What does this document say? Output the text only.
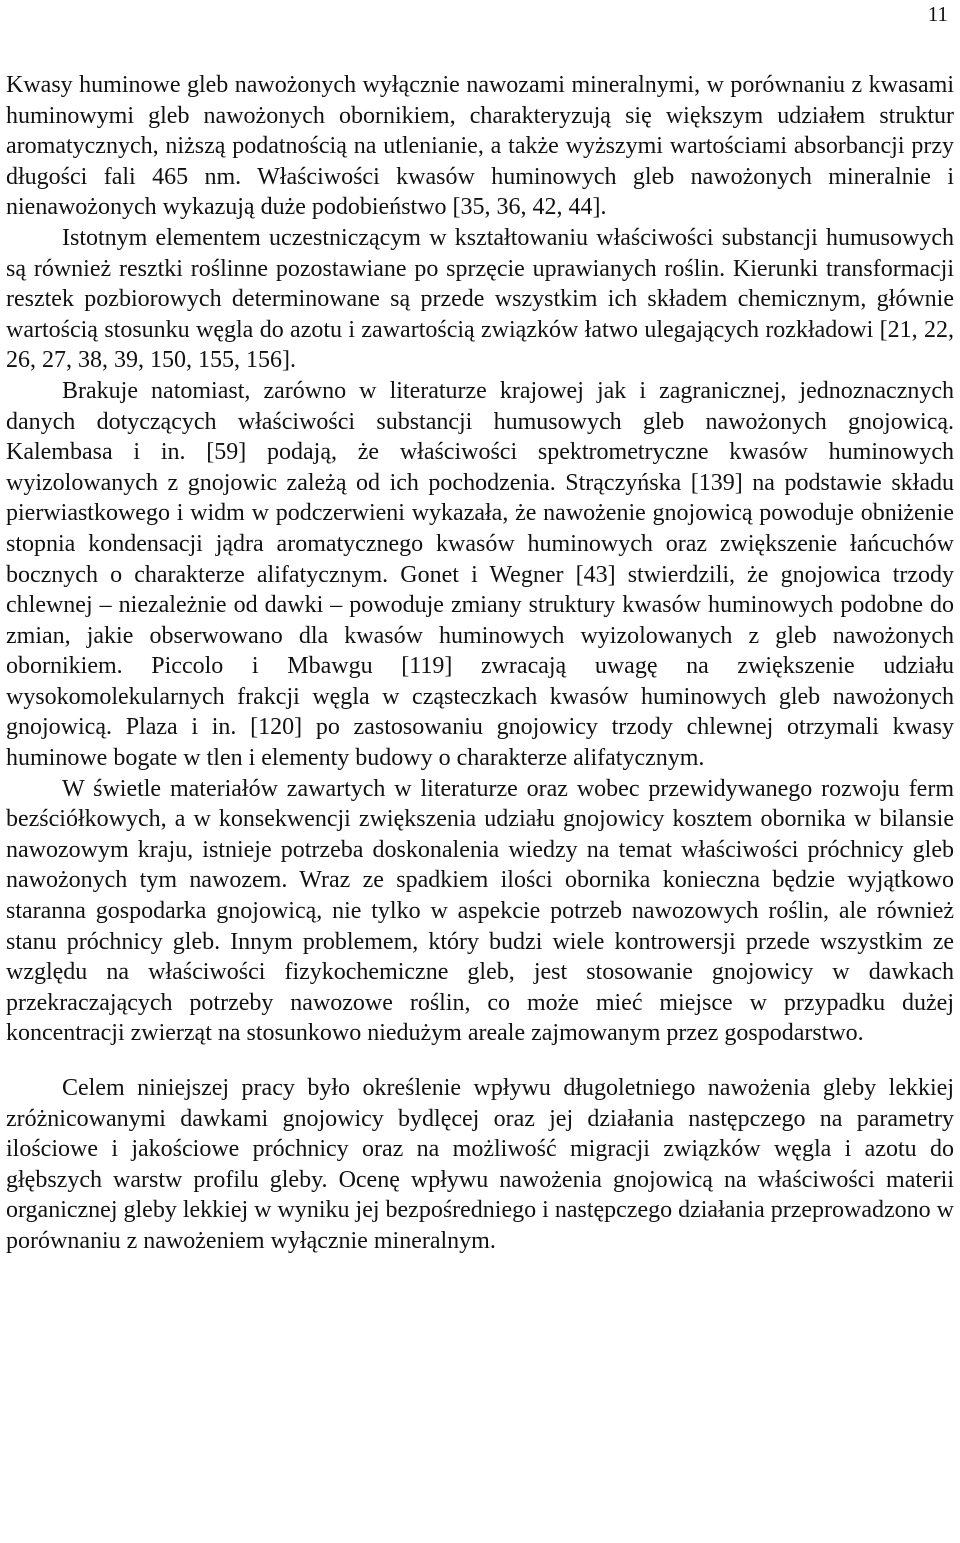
11

Kwasy huminowe gleb nawożonych wyłącznie nawozami mineralnymi, w porównaniu z kwasami huminowymi gleb nawożonych obornikiem, charakteryzują się większym udziałem struktur aromatycznych, niższą podatnością na utlenianie, a także wyższymi wartościami absorbancji przy długości fali 465 nm. Właściwości kwasów huminowych gleb nawożonych mineralnie i nienawożonych wykazują duże podobieństwo [35, 36, 42, 44].

Istotnym elementem uczestniczącym w kształtowaniu właściwości substancji humusowych są również resztki roślinne pozostawiane po sprzęcie uprawianych roślin. Kierunki transformacji resztek pozbiorowych determinowane są przede wszystkim ich składem chemicznym, głównie wartością stosunku węgla do azotu i zawartością związków łatwo ulegających rozkładowi [21, 22, 26, 27, 38, 39, 150, 155, 156].

Brakuje natomiast, zarówno w literaturze krajowej jak i zagranicznej, jednoznacznych danych dotyczących właściwości substancji humusowych gleb nawożonych gnojowicą. Kalembasa i in. [59] podają, że właściwości spektrometryczne kwasów huminowych wyizolowanych z gnojowic zależą od ich pochodzenia. Strączyńska [139] na podstawie składu pierwiastkowego i widm w podczerwieni wykazała, że nawożenie gnojowicą powoduje obniżenie stopnia kondensacji jądra aromatycznego kwasów huminowych oraz zwiększenie łańcuchów bocznych o charakterze alifatycznym. Gonet i Wegner [43] stwierdzili, że gnojowica trzody chlewnej – niezależnie od dawki – powoduje zmiany struktury kwasów huminowych podobne do zmian, jakie obserwowano dla kwasów huminowych wyizolowanych z gleb nawożonych obornikiem. Piccolo i Mbawgu [119] zwracają uwagę na zwiększenie udziału wysokomolekularnych frakcji węgla w cząsteczkach kwasów huminowych gleb nawożonych gnojowicą. Plaza i in. [120] po zastosowaniu gnojowicy trzody chlewnej otrzymali kwasy huminowe bogate w tlen i elementy budowy o charakterze alifatycznym.

W świetle materiałów zawartych w literaturze oraz wobec przewidywanego rozwoju ferm bezściółkowych, a w konsekwencji zwiększenia udziału gnojowicy kosztem obornika w bilansie nawozowym kraju, istnieje potrzeba doskonalenia wiedzy na temat właściwości próchnicy gleb nawożonych tym nawozem. Wraz ze spadkiem ilości obornika konieczna będzie wyjątkowo staranna gospodarka gnojowicą, nie tylko w aspekcie potrzeb nawozowych roślin, ale również stanu próchnicy gleb. Innym problemem, który budzi wiele kontrowersji przede wszystkim ze względu na właściwości fizykochemiczne gleb, jest stosowanie gnojowicy w dawkach przekraczających potrzeby nawozowe roślin, co może mieć miejsce w przypadku dużej koncentracji zwierząt na stosunkowo niedużym areale zajmowanym przez gospodarstwo.

Celem niniejszej pracy było określenie wpływu długoletniego nawożenia gleby lekkiej zróżnicowanymi dawkami gnojowicy bydlęcej oraz jej działania następczego na parametry ilościowe i jakościowe próchnicy oraz na możliwość migracji związków węgla i azotu do głębszych warstw profilu gleby. Ocenę wpływu nawożenia gnojowicą na właściwości materii organicznej gleby lekkiej w wyniku jej bezpośredniego i następczego działania przeprowadzono w porównaniu z nawożeniem wyłącznie mineralnym.
